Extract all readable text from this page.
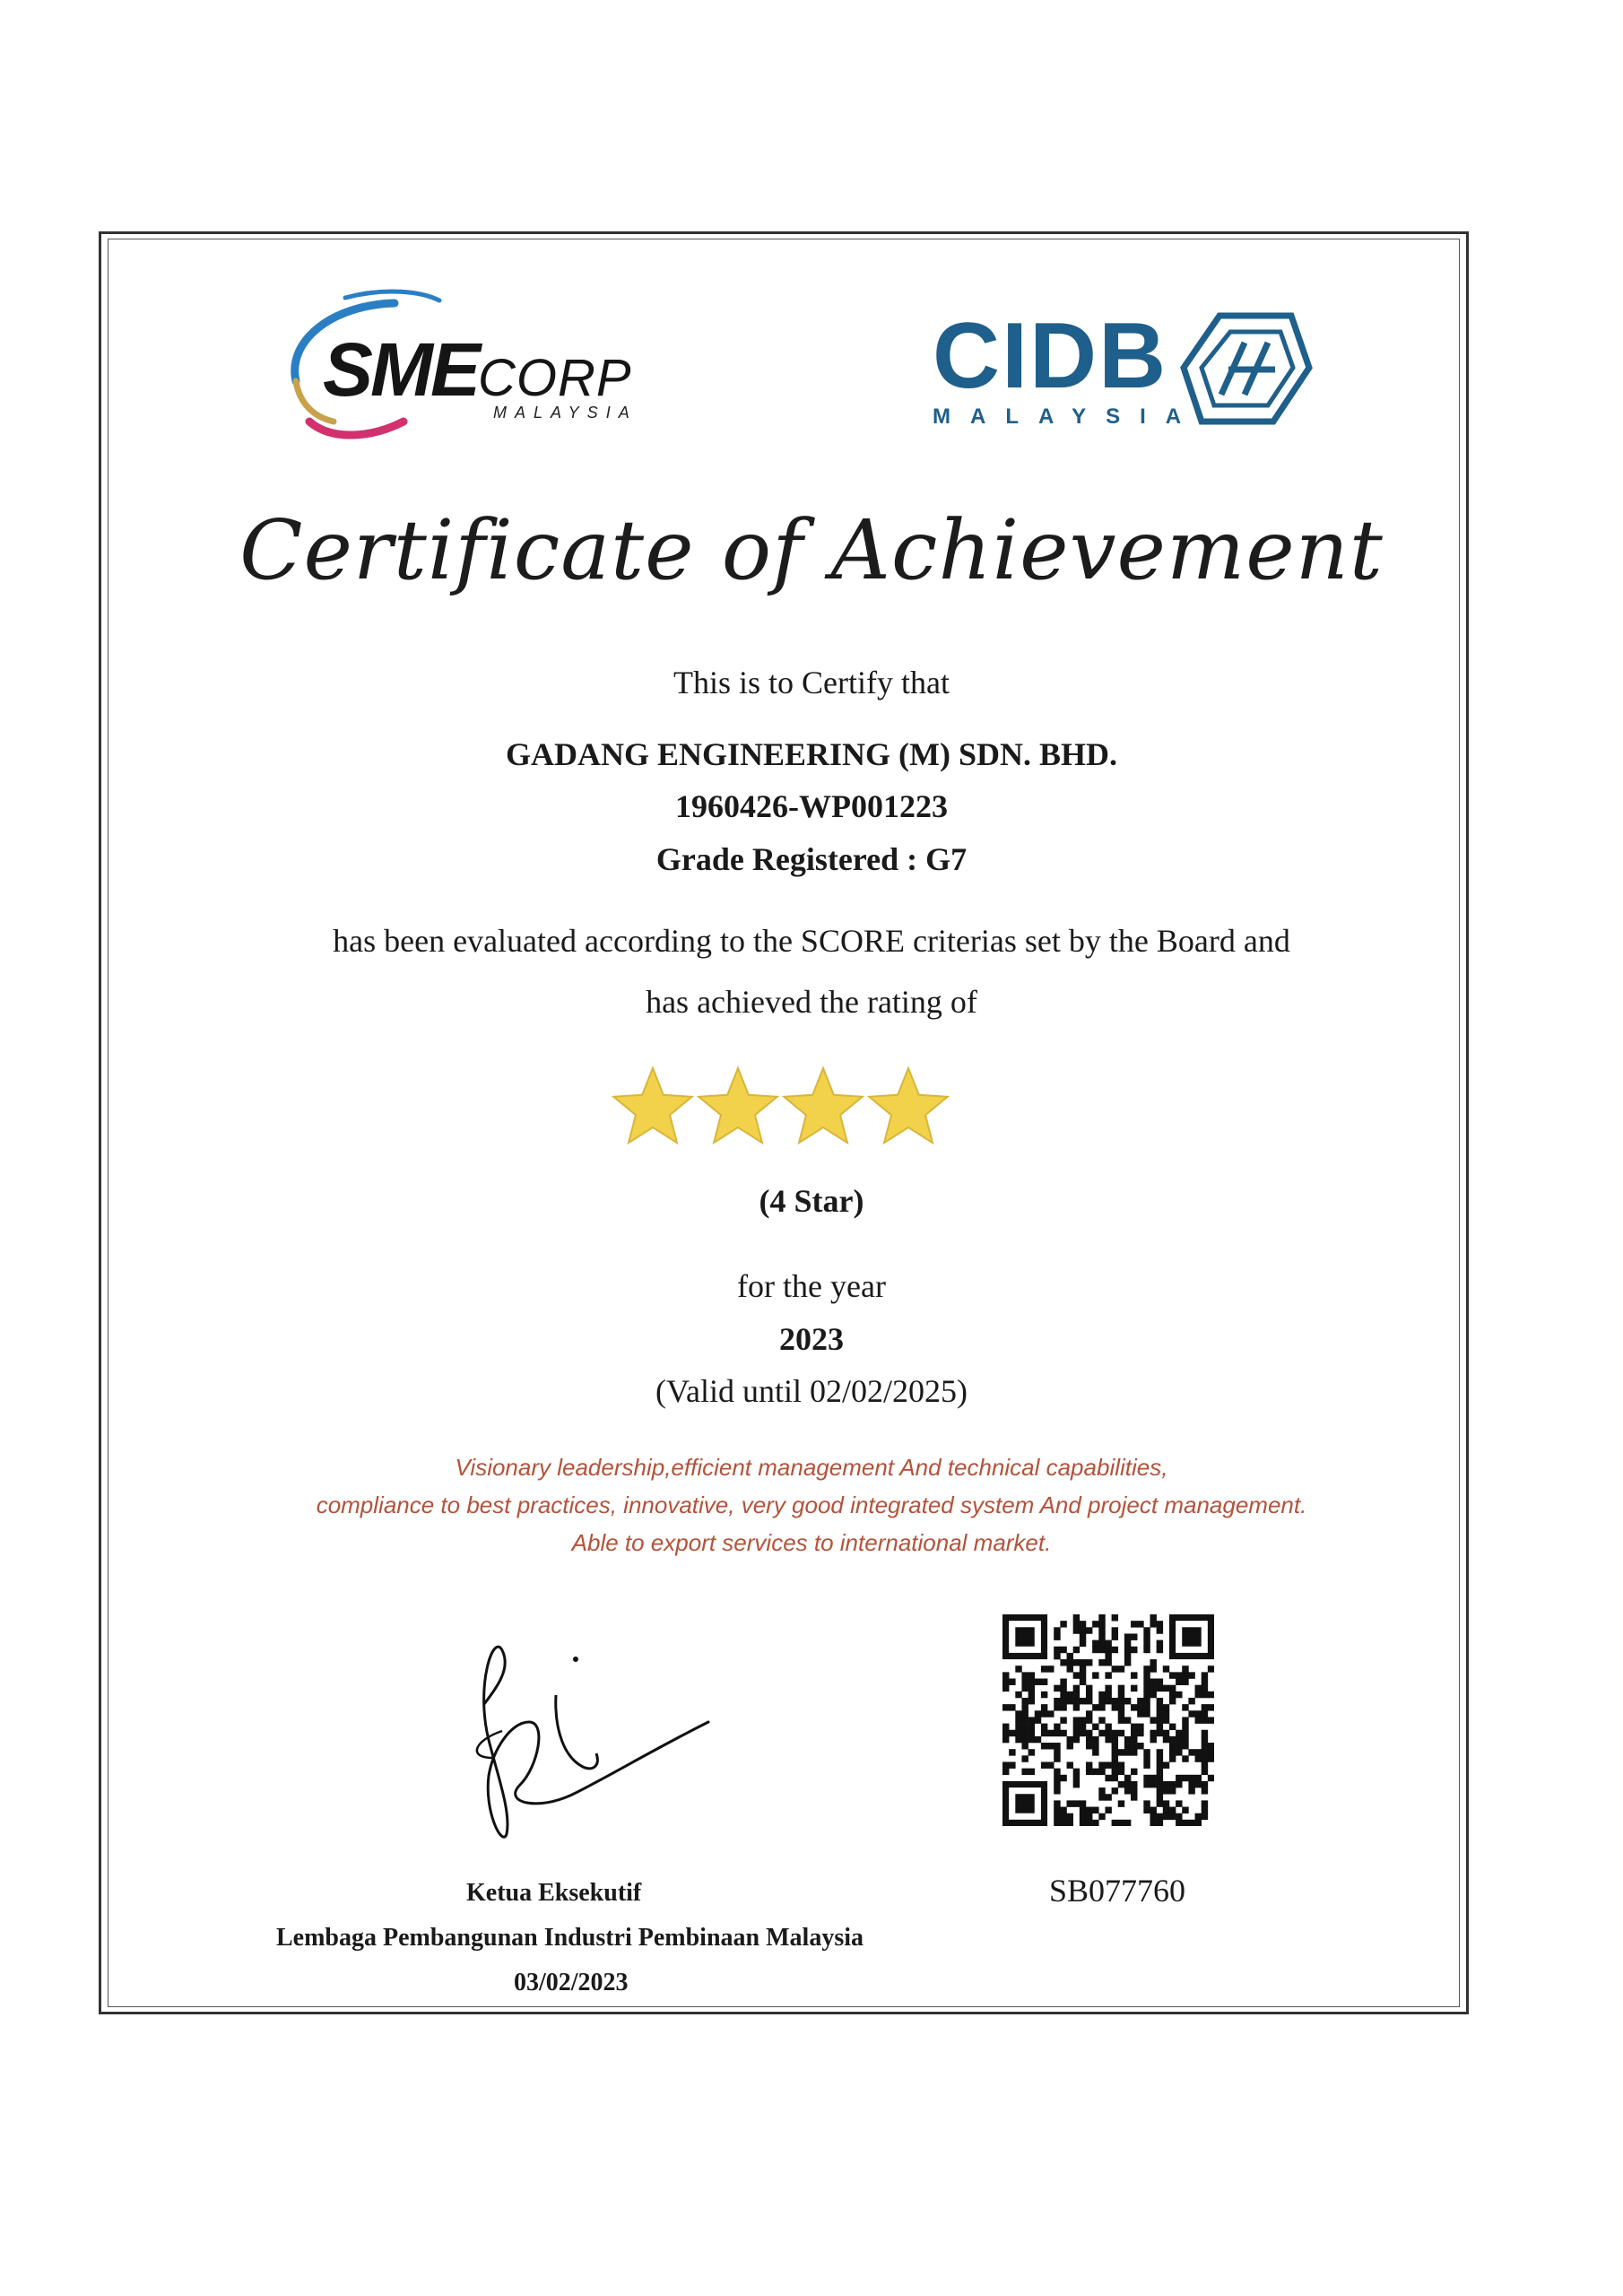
SMECORP
MALAYSIA
CIDB
MALAYSIA
Certificate of Achievement
This is to Certify that
GADANG ENGINEERING (M) SDN. BHD.
1960426-WP001223
Grade Registered : G7
has been evaluated according to the SCORE criterias set by the Board and
has achieved the rating of
(4 Star)
for the year
2023
(Valid until 02/02/2025)
Visionary leadership,efficient management And technical capabilities,
compliance to best practices, innovative, very good integrated system And project management.
Able to export services to international market.
Ketua Eksekutif
Lembaga Pembangunan Industri Pembinaan Malaysia
03/02/2023
SB077760
